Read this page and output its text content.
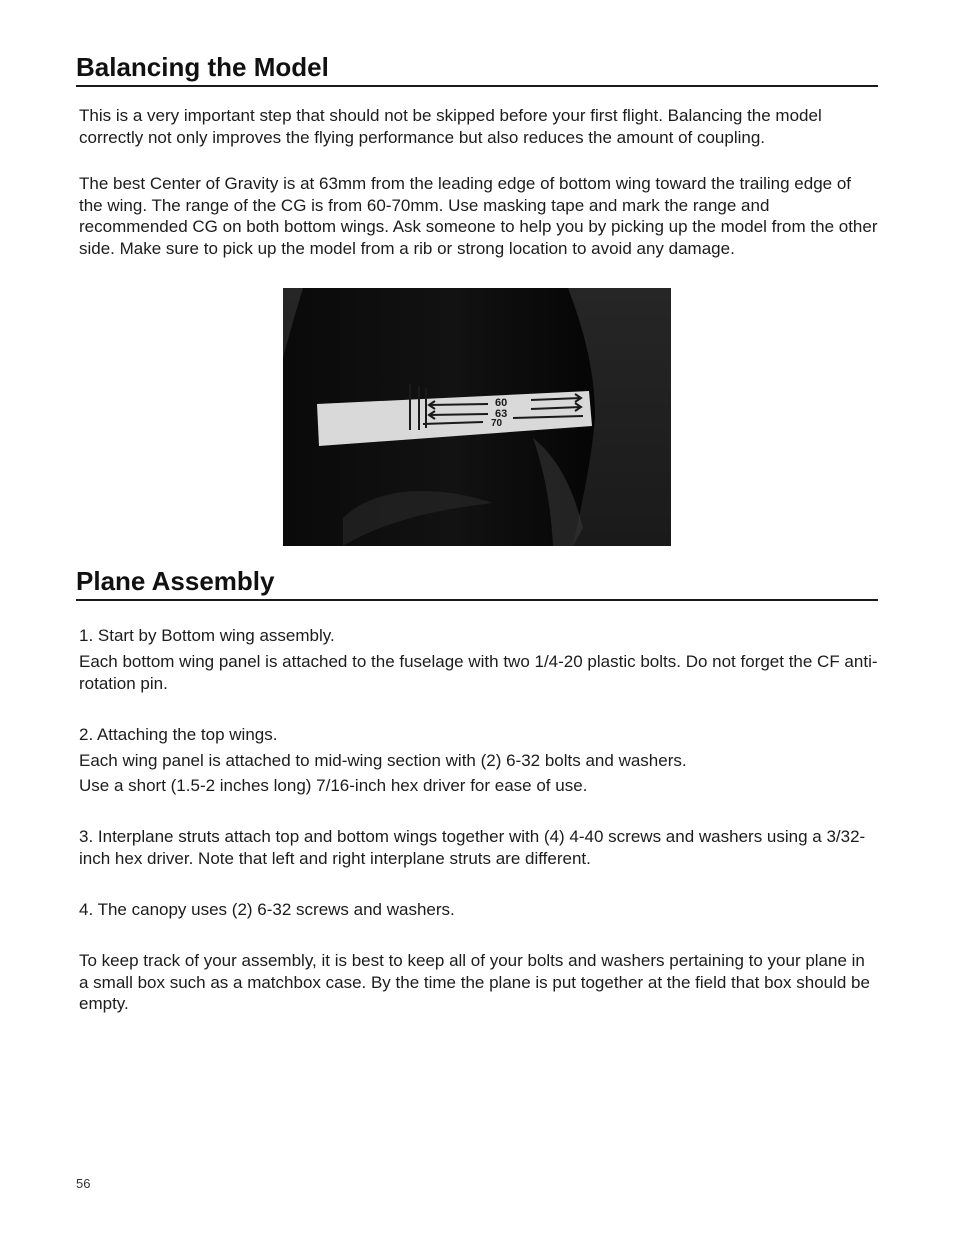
Balancing the Model

This is a very important step that should not be skipped before your first flight. Balancing the model correctly not only improves the flying performance but also reduces the amount of coupling.

The best Center of Gravity is at 63mm from the leading edge of bottom wing toward the trailing edge of the wing. The range of the CG is from 60-70mm. Use masking tape and mark the range and recommended CG on both bottom wings. Ask someone to help you by picking up the model from the other side. Make sure to pick up the model from a rib or strong location to avoid any damage.

60
63
70
Plane Assembly

1. Start by Bottom wing assembly.

Each bottom wing panel is attached to the fuselage with two 1/4-20 plastic bolts. Do not forget the CF anti-rotation pin.

2. Attaching the top wings.

Each wing panel is attached to mid-wing section with (2) 6-32 bolts and washers.

Use a short (1.5-2 inches long) 7/16-inch hex driver for ease of use.

3. Interplane struts attach top and bottom wings together with (4) 4-40 screws and washers using a 3/32-inch hex driver. Note that left and right interplane struts are different.

4. The canopy uses (2) 6-32 screws and washers.

To keep track of your assembly, it is best to keep all of your bolts and washers pertaining to your plane in a small box such as a matchbox case. By the time the plane is put together at the field that box should be empty.

56
